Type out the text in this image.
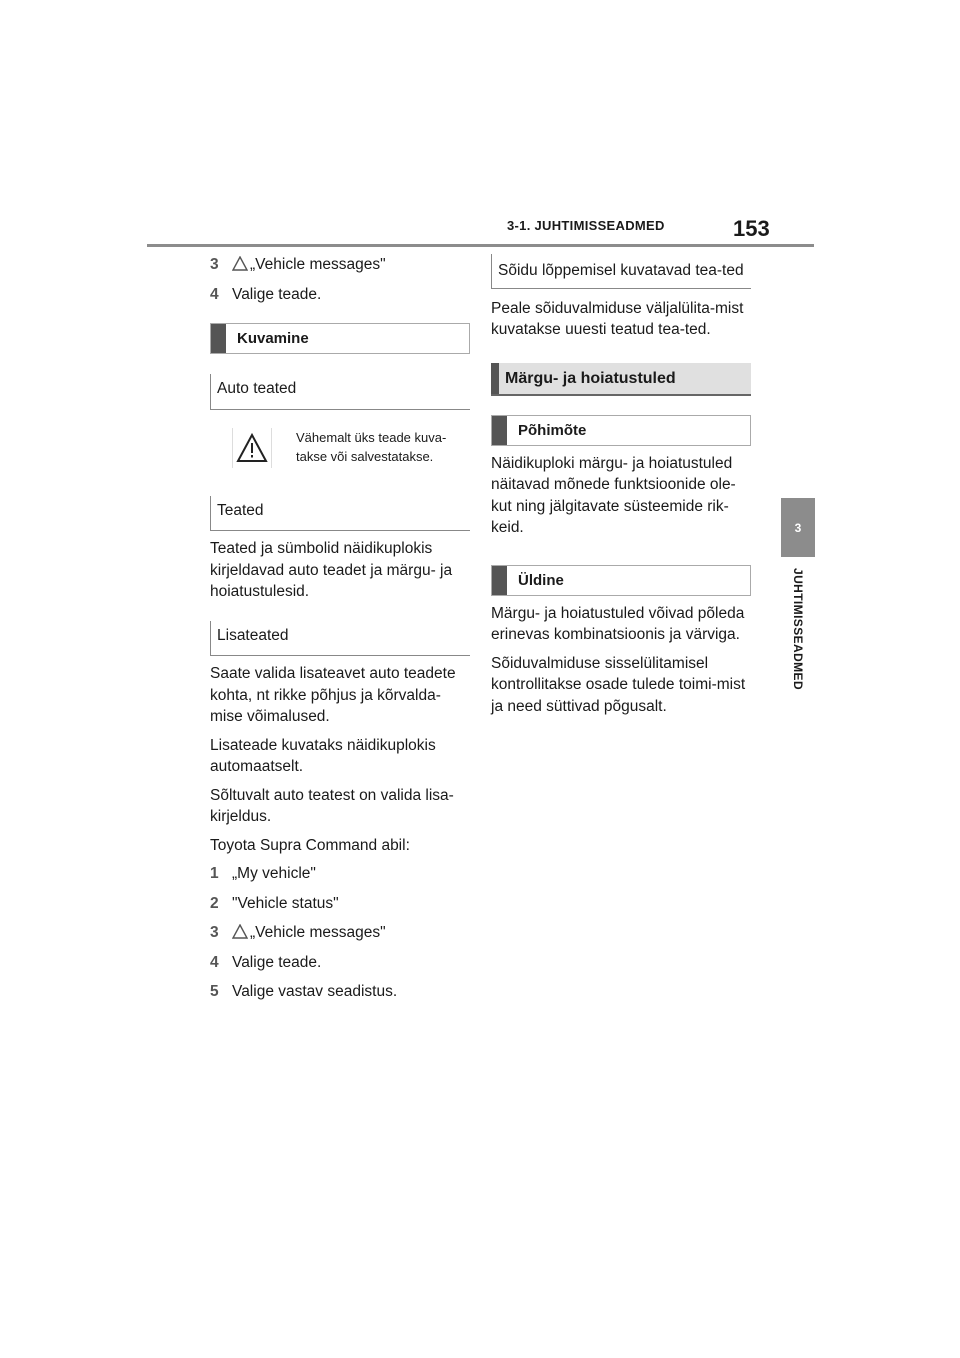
3-1. JUHTIMISSEADMED	153
3
JUHTIMISSEADMED
3	„Vehicle messages"
4 Valige teade.
Kuvamine
Auto teated
Vähemalt üks teade kuva-takse või salvestatakse.
Teated

Teated ja sümbolid näidikuplokis kirjeldavad auto teadet ja märgu- ja hoiatustulesid.

Lisateated

Saate valida lisateavet auto teadete kohta, nt rikke põhjus ja kõrvalda-mise võimalused.

Lisateade kuvataks näidikuplokis automaatselt.

Sõltuvalt auto teatest on valida lisa-kirjeldus.

Toyota Supra Command abil:

1 „My vehicle"
2 "Vehicle status"
3	„Vehicle messages"
4 Valige teade.
5 Valige vastav seadistus.
Sõidu lõppemisel kuvatavad tea-ted

Peale sõiduvalmiduse väljalülita-mist kuvatakse uuesti teatud tea-ted.

Märgu- ja hoiatustuled
Põhimõte

Näidikuploki märgu- ja hoiatustuled näitavad mõnede funktsioonide ole-kut ning jälgitavate süsteemide rik-keid.

Üldine

Märgu- ja hoiatustuled võivad põleda erinevas kombinatsioonis ja värviga.

Sõiduvalmiduse sisselülitamisel kontrollitakse osade tulede toimi-mist ja need süttivad põgusalt.
